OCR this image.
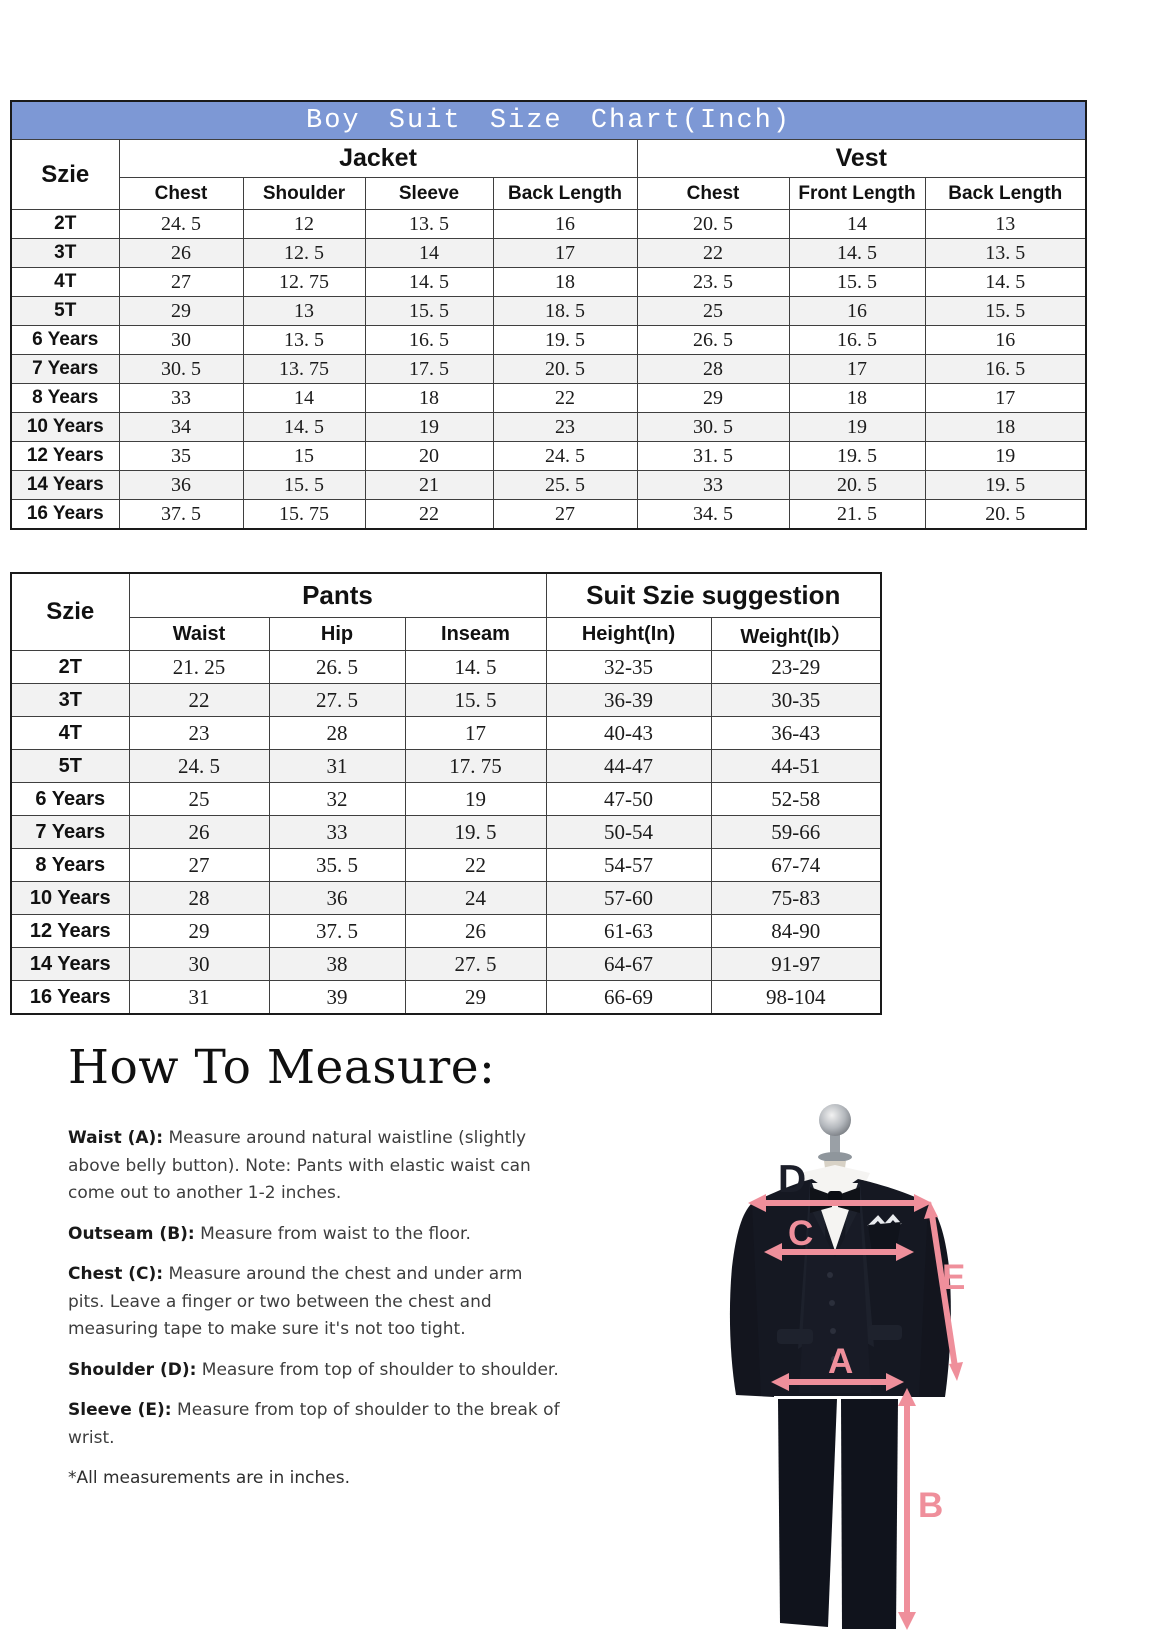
Boy Suit Size Chart(Inch)							
Szie	Jacket				Vest		
	Chest	Shoulder	Sleeve	Back Length	Chest	Front Length	Back Length
2T	24. 5	12	13. 5	16	20. 5	14	13
3T	26	12. 5	14	17	22	14. 5	13. 5
4T	27	12. 75	14. 5	18	23. 5	15. 5	14. 5
5T	29	13	15. 5	18. 5	25	16	15. 5
6 Years	30	13. 5	16. 5	19. 5	26. 5	16. 5	16
7 Years	30. 5	13. 75	17. 5	20. 5	28	17	16. 5
8 Years	33	14	18	22	29	18	17
10 Years	34	14. 5	19	23	30. 5	19	18
12 Years	35	15	20	24. 5	31. 5	19. 5	19
14 Years	36	15. 5	21	25. 5	33	20. 5	19. 5
16 Years	37. 5	15. 75	22	27	34. 5	21. 5	20. 5
Szie	Pants			Suit Szie suggestion	
	Waist	Hip	Inseam	Height(In)	Weight(Ib）
2T	21. 25	26. 5	14. 5	32-35	23-29
3T	22	27. 5	15. 5	36-39	30-35
4T	23	28	17	40-43	36-43
5T	24. 5	31	17. 75	44-47	44-51
6 Years	25	32	19	47-50	52-58
7 Years	26	33	19. 5	50-54	59-66
8 Years	27	35. 5	22	54-57	67-74
10 Years	28	36	24	57-60	75-83
12 Years	29	37. 5	26	61-63	84-90
14 Years	30	38	27. 5	64-67	91-97
16 Years	31	39	29	66-69	98-104
How To Measure:

Waist (A): Measure around natural waistline (slightly above belly button). Note: Pants with elastic waist can come out to another 1-2 inches.

Outseam (B): Measure from waist to the floor.

Chest (C): Measure around the chest and under arm pits. Leave a finger or two between the chest and measuring tape to make sure it's not too tight.

Shoulder (D): Measure from top of shoulder to shoulder.

Sleeve (E): Measure from top of shoulder to the break of wrist.

*All measurements are in inches.

D
C
E
A
B
